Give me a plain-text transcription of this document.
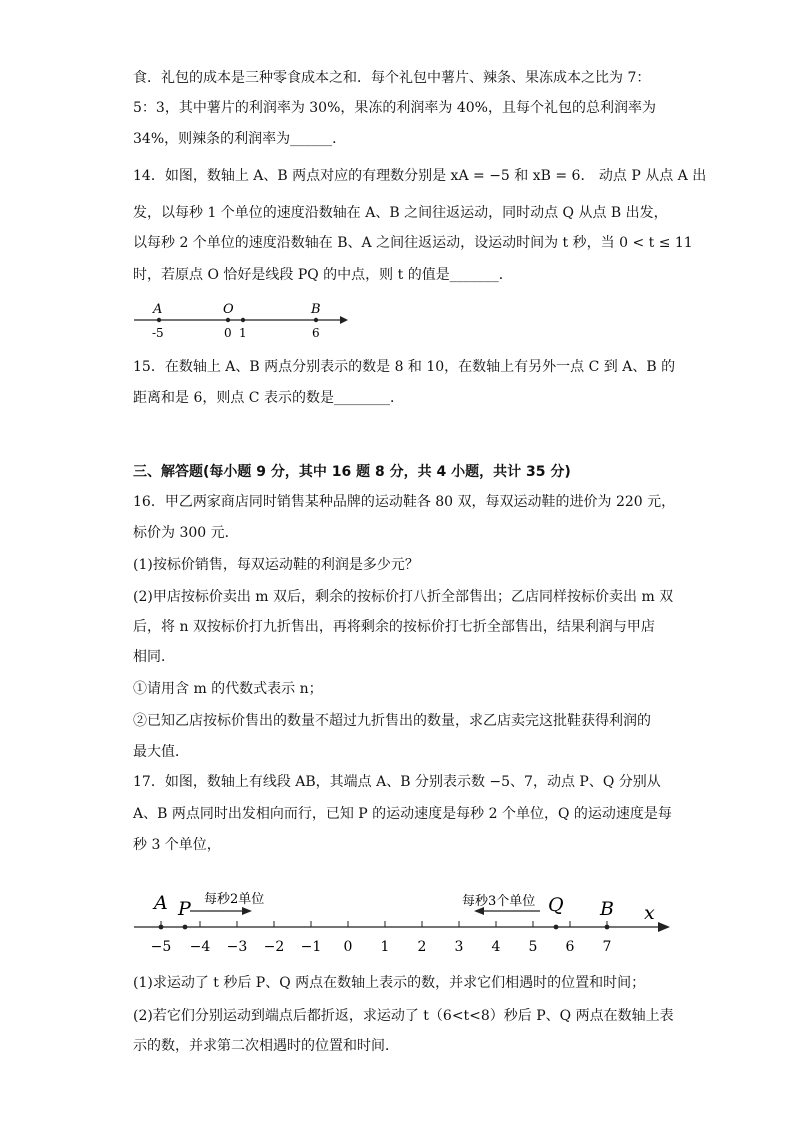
食．礼包的成本是三种零食成本之和．每个礼包中薯片、辣条、果冻成本之比为 7：
5：3，其中薯片的利润率为 30%，果冻的利润率为 40%，且每个礼包的总利润率为
34%，则辣条的利润率为______．
14．如图，数轴上 A、B 两点对应的有理数分别是 xA = −5 和 xB = 6． 动点 P 从点 A 出
发，以每秒 1 个单位的速度沿数轴在 A、B 之间往返运动，同时动点 Q 从点 B 出发，
以每秒 2 个单位的速度沿数轴在 B、A 之间往返运动，设运动时间为 t 秒，当 0 < t ≤ 11
时，若原点 O 恰好是线段 PQ 的中点，则 t 的值是_______．
A	O	B
-5	0 1	6
15．在数轴上 A、B 两点分别表示的数是 8 和 10，在数轴上有另外一点 C 到 A、B 的
距离和是 6，则点 C 表示的数是________．
三、解答题(每小题 9 分，其中 16 题 8 分，共 4 小题，共计 35 分)
16．甲乙两家商店同时销售某种品牌的运动鞋各 80 双，每双运动鞋的进价为 220 元，
标价为 300 元．
(1)按标价销售，每双运动鞋的利润是多少元？
(2)甲店按标价卖出 m 双后，剩余的按标价打八折全部售出；乙店同样按标价卖出 m 双
后，将 n 双按标价打九折售出，再将剩余的按标价打七折全部售出，结果利润与甲店
相同．
①请用含 m 的代数式表示 n；
②已知乙店按标价售出的数量不超过九折售出的数量，求乙店卖完这批鞋获得利润的
最大值．
17．如图，数轴上有线段 AB，其端点 A、B 分别表示数 −5、7，动点 P、Q 分别从
A、B 两点同时出发相向而行，已知 P 的运动速度是每秒 2 个单位，Q 的运动速度是每
秒 3 个单位，
A P	Q B x
每秒2单位	每秒3个单位
−5 −4 −3 −2 −1 0 1 2 3 4 5 6 7
(1)求运动了 t 秒后 P、Q 两点在数轴上表示的数，并求它们相遇时的位置和时间；
(2)若它们分别运动到端点后都折返，求运动了 t（6<t<8）秒后 P、Q 两点在数轴上表
示的数，并求第二次相遇时的位置和时间．
